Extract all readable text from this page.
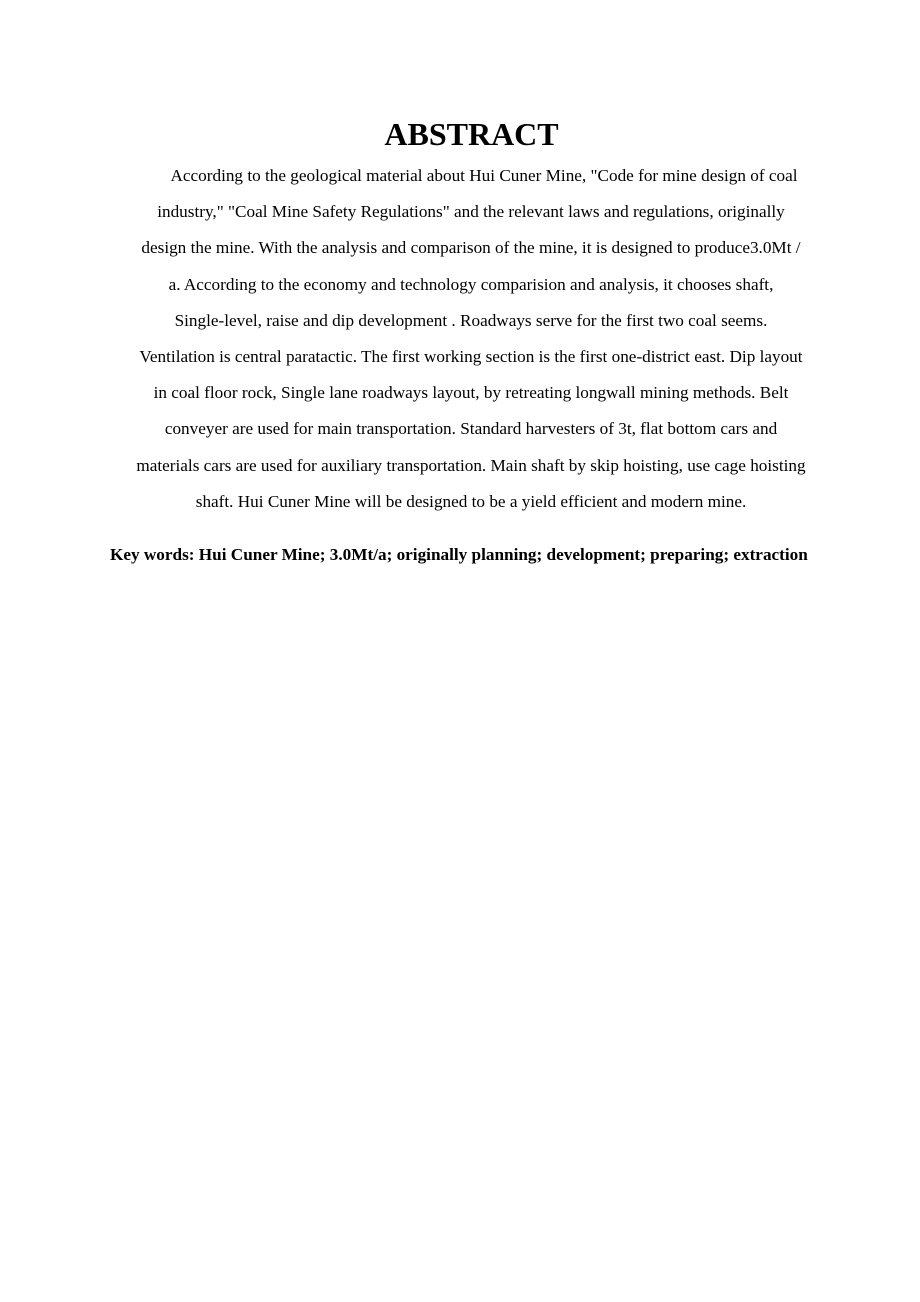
ABSTRACT
According to the geological material about Hui Cuner Mine, "Code for mine design of coal
industry," "Coal Mine Safety Regulations" and the relevant laws and regulations, originally
design the mine. With the analysis and comparison of the mine, it is designed to produce3.0Mt /
a. According to the economy and technology comparision and analysis, it chooses shaft,
Single-level, raise and dip development . Roadways serve for the first two coal seems.
Ventilation is central paratactic. The first working section is the first one-district east. Dip layout
in coal floor rock, Single lane roadways layout, by retreating longwall mining methods. Belt
conveyer are used for main transportation. Standard harvesters of 3t, flat bottom cars and
materials cars are used for auxiliary transportation. Main shaft by skip hoisting, use cage hoisting
shaft. Hui Cuner Mine will be designed to be a yield efficient and modern mine.

Key words: Hui Cuner Mine; 3.0Mt/a; originally planning; development; preparing; extraction
